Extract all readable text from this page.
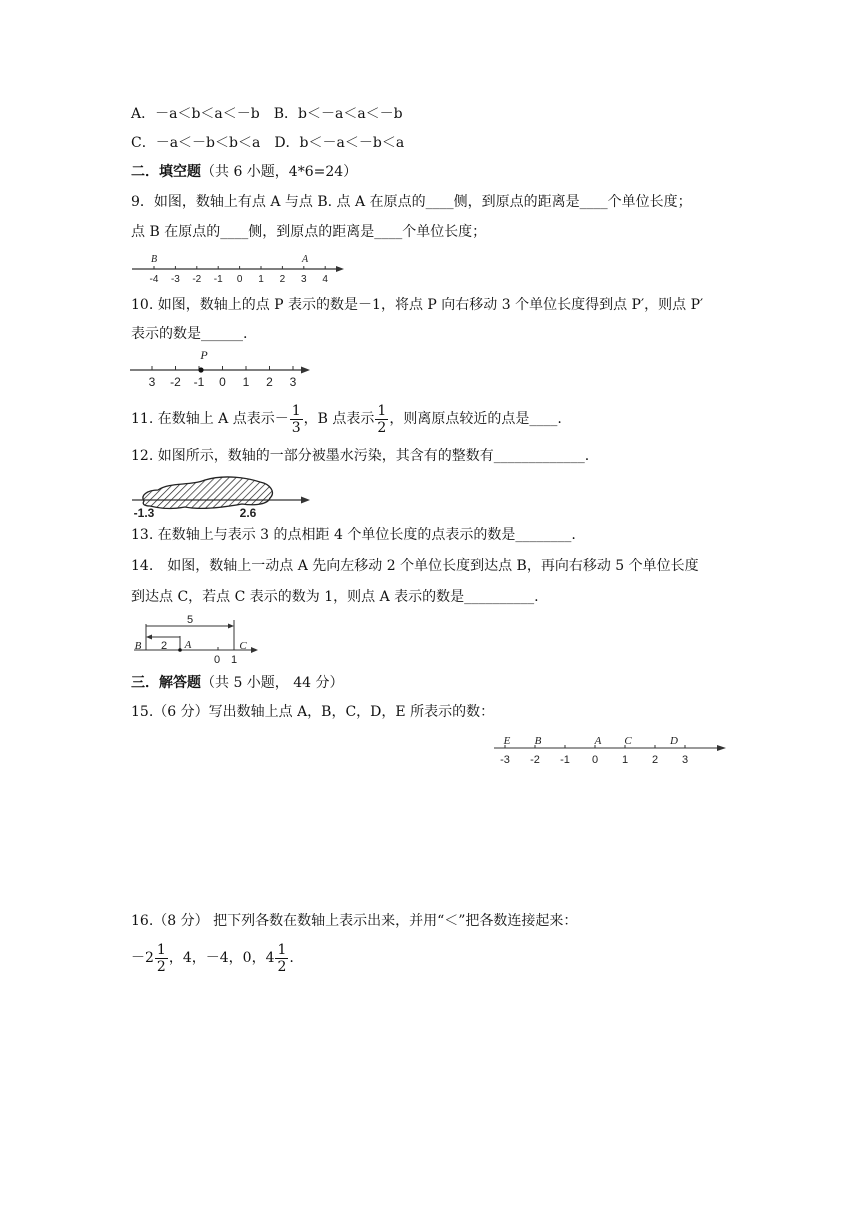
A．－a＜b＜a＜－b　B．b＜－a＜a＜－b
C．－a＜－b＜b＜a　D．b＜－a＜－b＜a
二．填空题（共 6 小题，4*6=24）
9．如图，数轴上有点 A 与点 B. 点 A 在原点的____侧，到原点的距离是____个单位长度；
点 B 在原点的____侧，到原点的距离是____个单位长度；
-4 -3 -2 -1 0 1 2 3 4
B	A
10. 如图，数轴上的点 P 表示的数是－1，将点 P 向右移动 3 个单位长度得到点 P′，则点 P′
表示的数是______.
3 -2 -1 0 1 2 3
P
11. 在数轴上 A 点表示－ $\frac{1}{3}$ ，B 点表示 $\frac{1}{2}$ ，则离原点较近的点是____.
12. 如图所示，数轴的一部分被墨水污染，其含有的整数有_____________.
-1.3	2.6
13. 在数轴上与表示 3 的点相距 4 个单位长度的点表示的数是________.
14.　如图，数轴上一动点 A 先向左移动 2 个单位长度到达点 B，再向右移动 5 个单位长度
到达点 C，若点 C 表示的数为 1，则点 A 表示的数是__________.
5
2
B	A	C
0 1
三．解答题（共 5 小题， 44 分）
15.（6 分）写出数轴上点 A，B，C，D，E 所表示的数：
-3 -2 -1 0 1 2 3
E B	A C	D
16.（8 分） 把下列各数在数轴上表示出来，并用“＜”把各数连接起来：
$-2 \frac{1}{2}$ ，4，－4，0，$4 \frac{1}{2}$ .
